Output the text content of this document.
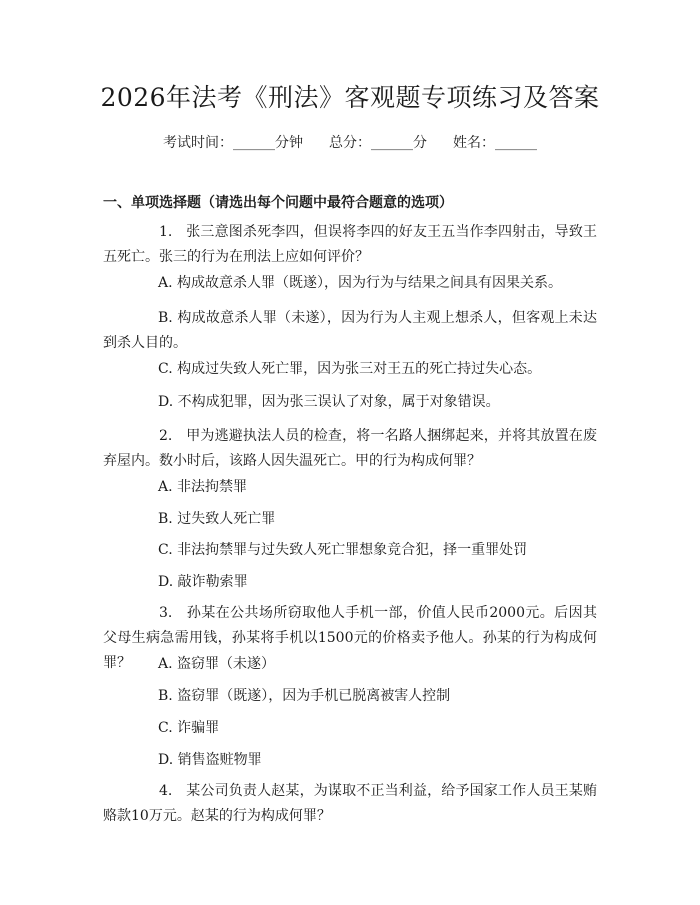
2026年法考《刑法》客观题专项练习及答案
考试时间：______分钟 总分：______分 姓名：______
一、单项选择题（请选出每个问题中最符合题意的选项）
1. 张三意图杀死李四，但误将李四的好友王五当作李四射击，导致王五死亡。张三的行为在刑法上应如何评价？
A. 构成故意杀人罪（既遂），因为行为与结果之间具有因果关系。
B. 构成故意杀人罪（未遂），因为行为人主观上想杀人，但客观上未达到杀人目的。
C. 构成过失致人死亡罪，因为张三对王五的死亡持过失心态。
D. 不构成犯罪，因为张三误认了对象，属于对象错误。
2. 甲为逃避执法人员的检查，将一名路人捆绑起来，并将其放置在废弃屋内。数小时后，该路人因失温死亡。甲的行为构成何罪？
A. 非法拘禁罪
B. 过失致人死亡罪
C. 非法拘禁罪与过失致人死亡罪想象竞合犯，择一重罪处罚
D. 敲诈勒索罪
3. 孙某在公共场所窃取他人手机一部，价值人民币2000元。后因其父母生病急需用钱，孙某将手机以1500元的价格卖予他人。孙某的行为构成何罪？	A. 盗窃罪（未遂）
B. 盗窃罪（既遂），因为手机已脱离被害人控制
C. 诈骗罪
D. 销售盗赃物罪
4. 某公司负责人赵某，为谋取不正当利益，给予国家工作人员王某贿赂款10万元。赵某的行为构成何罪？
